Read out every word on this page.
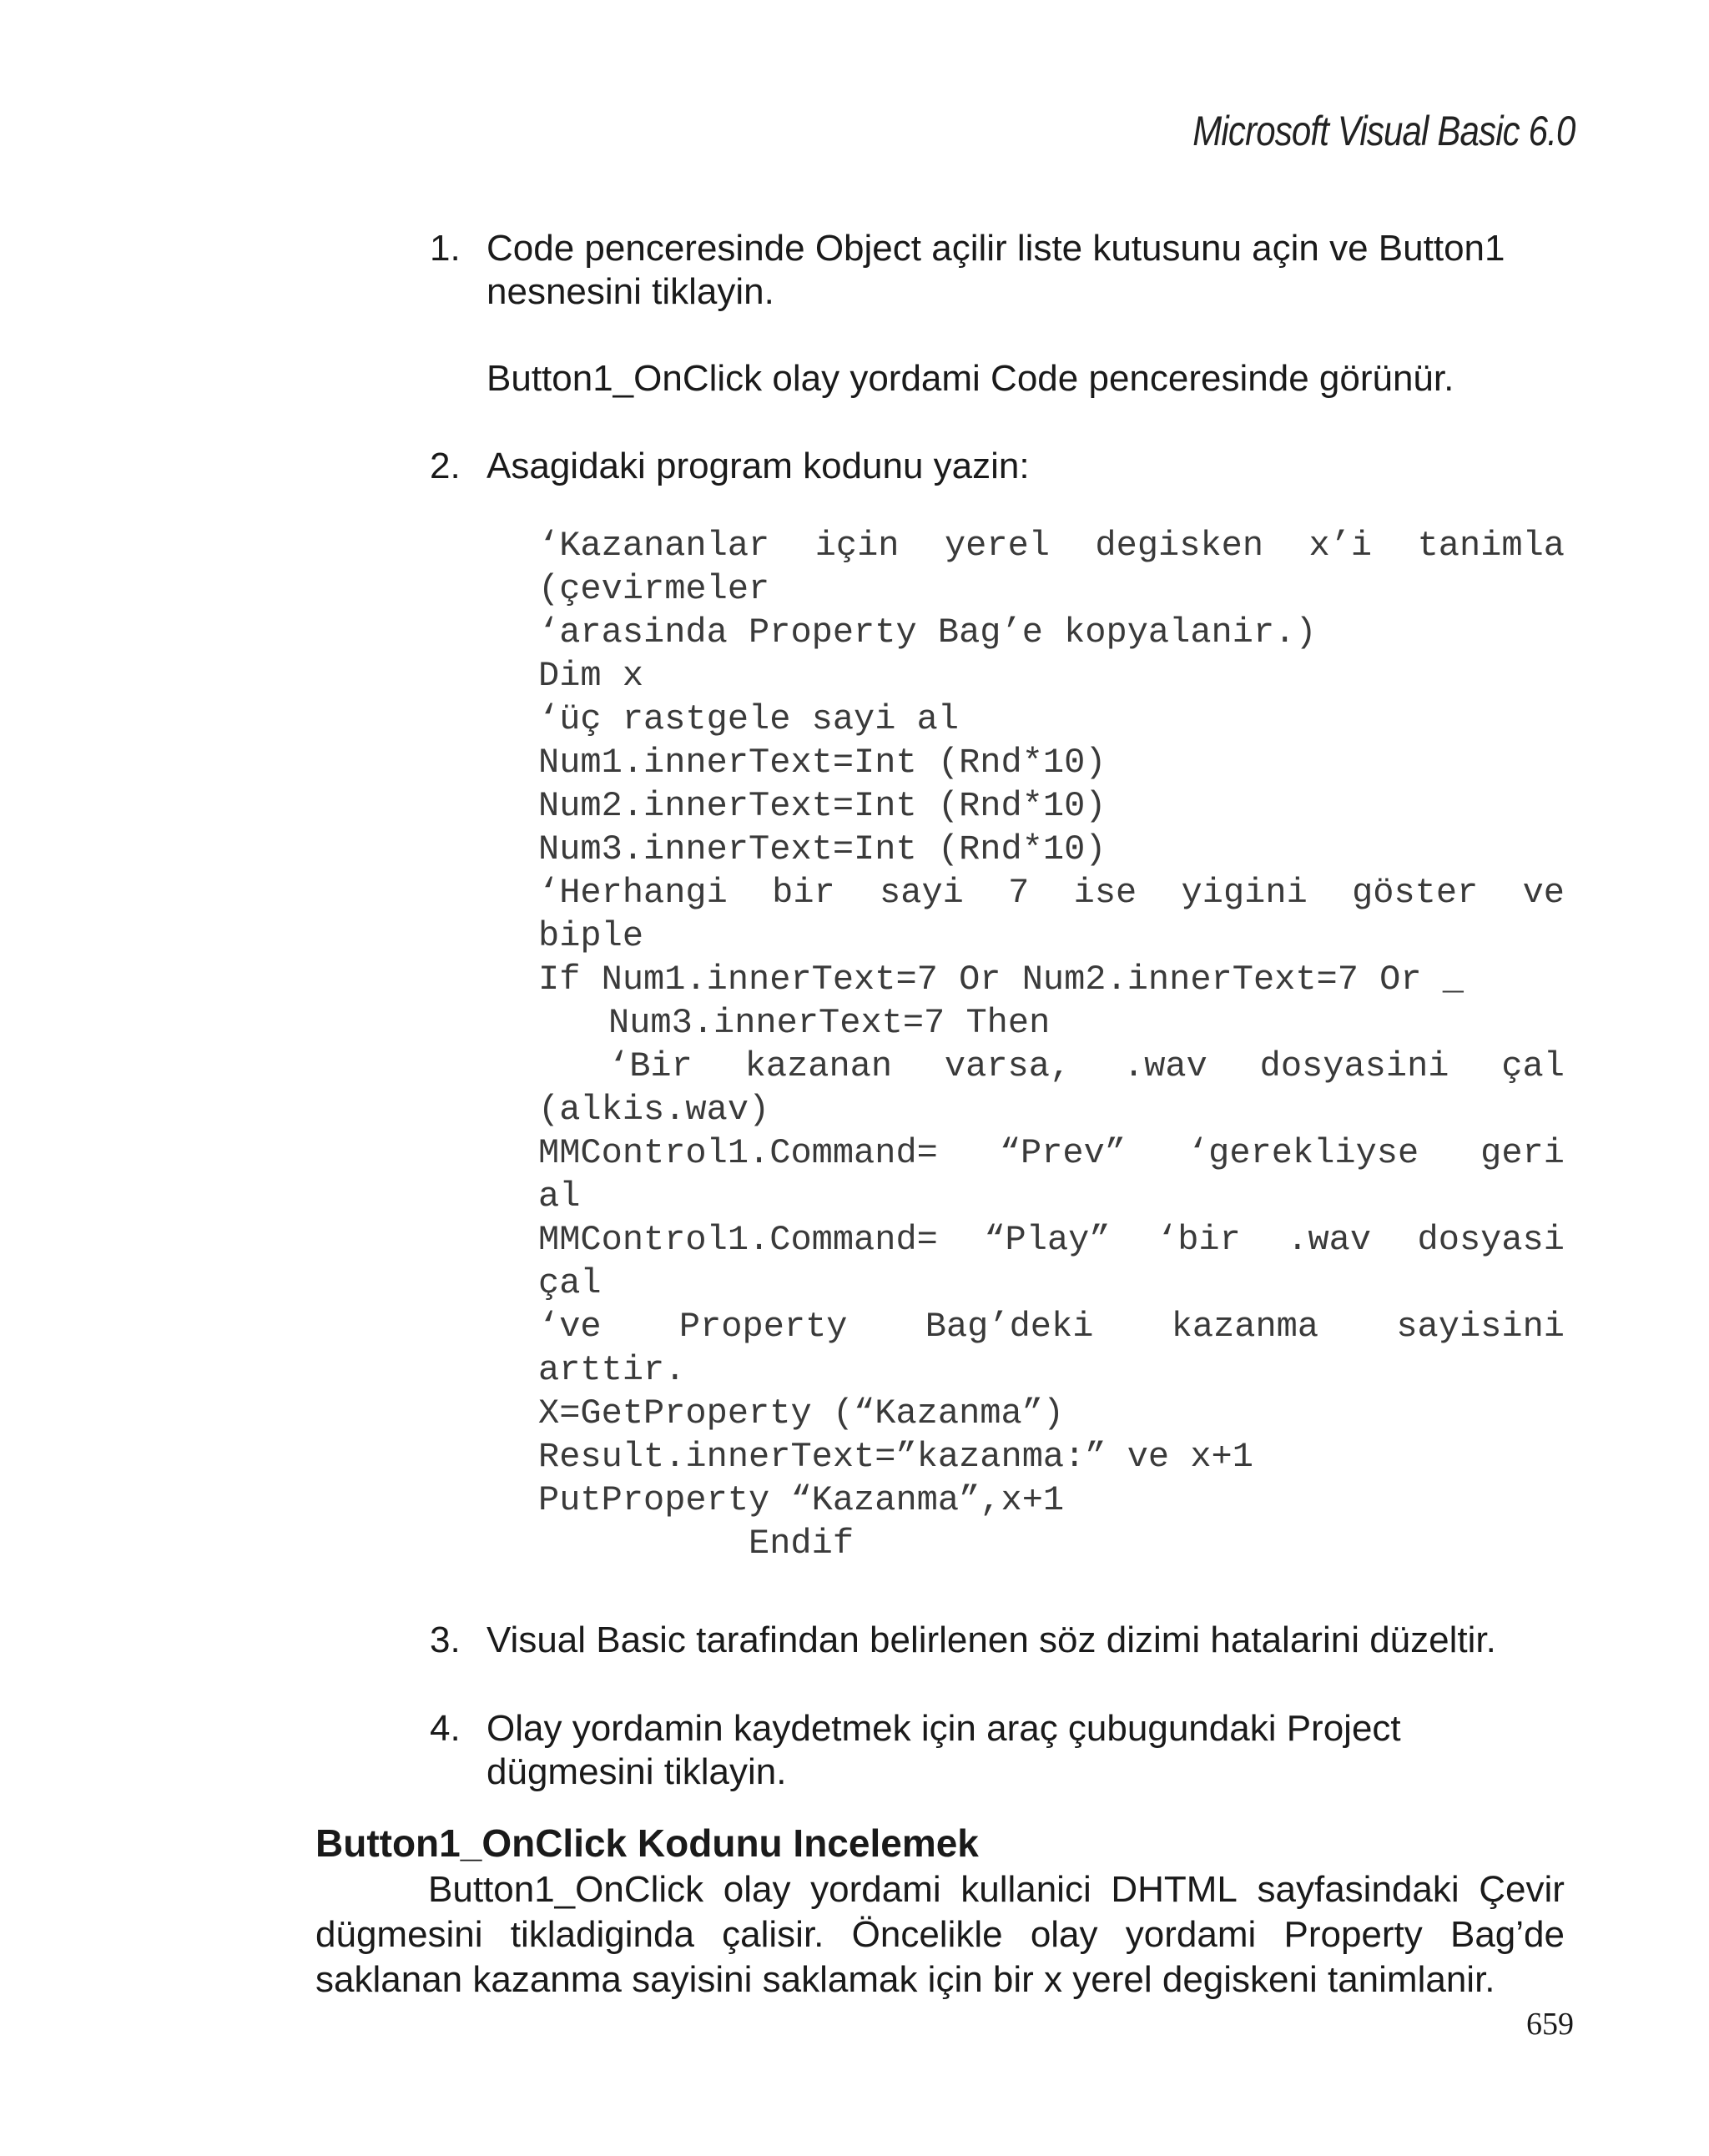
Microsoft Visual Basic 6.0
1. Code penceresinde Object açilir liste kutusunu açin ve Button1
nesnesini tiklayin.
Button1_OnClick olay yordami Code penceresinde görünür.
2. Asagidaki program kodunu yazin:
‘Kazananlar için yerel degisken x’i tanimla
(çevirmeler
‘arasinda Property Bag’e kopyalanir.)
Dim x
‘üç rastgele sayi al
Num1.innerText=Int (Rnd*10)
Num2.innerText=Int (Rnd*10)
Num3.innerText=Int (Rnd*10)
‘Herhangi bir sayi 7 ise yigini göster ve
biple
If Num1.innerText=7 Or Num2.innerText=7 Or _
Num3.innerText=7 Then
‘Bir kazanan varsa, .wav dosyasini çal
(alkis.wav)
MMControl1.Command= “Prev” ‘gerekliyse geri
al
MMControl1.Command= “Play” ‘bir .wav dosyasi
çal
‘ve Property Bag’deki kazanma sayisini
arttir.
X=GetProperty (“Kazanma”)
Result.innerText=”kazanma:” ve x+1
PutProperty “Kazanma”,x+1
Endif
3. Visual Basic tarafindan belirlenen söz dizimi hatalarini düzeltir.
4. Olay yordamin kaydetmek için araç çubugundaki Project
dügmesini tiklayin.
Button1_OnClick Kodunu Incelemek
Button1_OnClick olay yordami kullanici DHTML sayfasindaki Çevir
dügmesini tikladiginda çalisir. Öncelikle olay yordami Property Bag’de
saklanan kazanma sayisini saklamak için bir x yerel degiskeni tanimlanir.
659
